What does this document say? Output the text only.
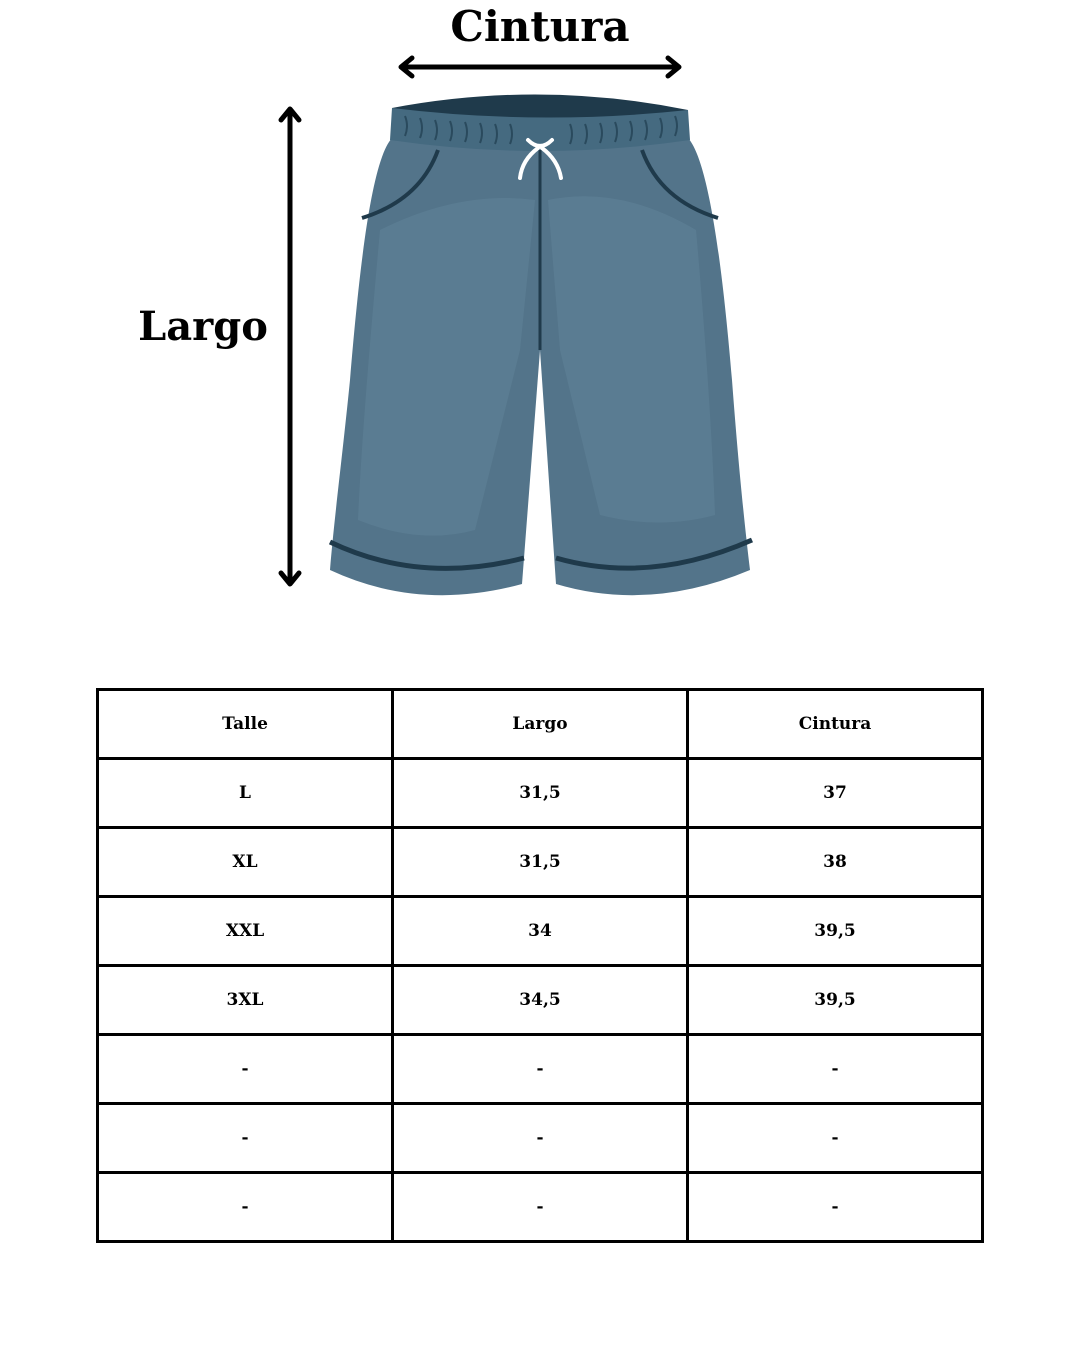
Cintura
Largo
Talle	Largo	Cintura
L	31,5	37
XL	31,5	38
XXL	34	39,5
3XL	34,5	39,5
-	-	-
-	-	-
-	-	-
